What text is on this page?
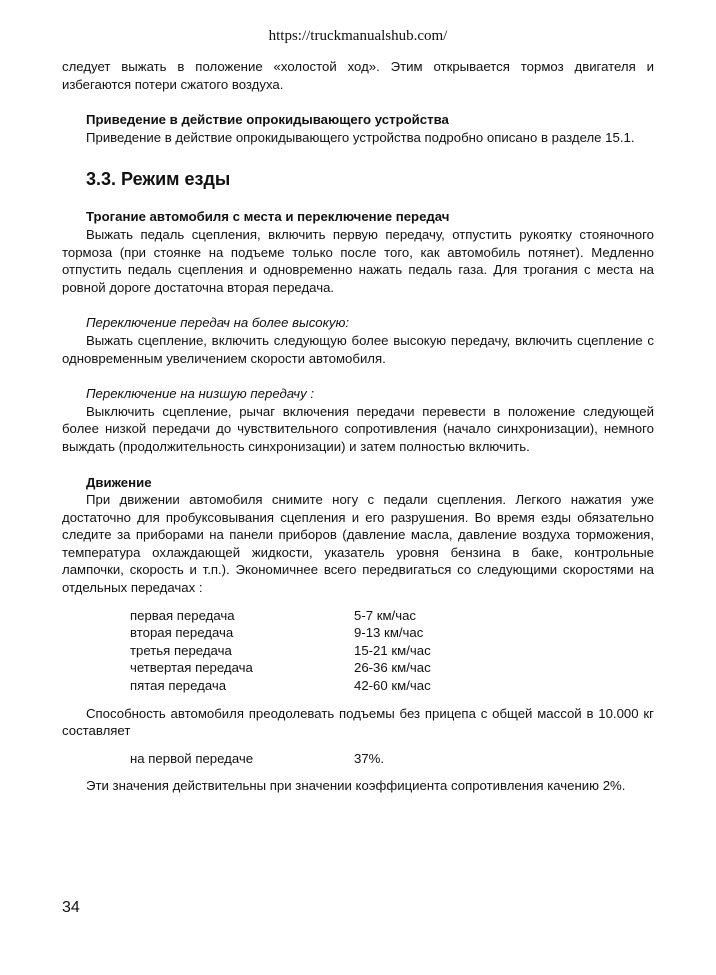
https://truckmanualshub.com/

следует выжать в положение «холостой ход». Этим открывается тормоз двигателя и избегаются потери сжатого воздуха.

Приведение в действие опрокидывающего устройства

Приведение в действие опрокидывающего устройства подробно описано в разделе 15.1.

3.3. Режим езды

Трогание автомобиля с места и переключение передач

Выжать педаль сцепления, включить первую передачу, отпустить рукоятку стояночного тормоза (при стоянке на подъеме только после того, как автомобиль потянет). Медленно отпустить педаль сцепления и одновременно нажать педаль газа. Для трогания с места на ровной дороге достаточна вторая передача.

Переключение передач на более высокую:

Выжать сцепление, включить следующую более высокую передачу, включить сцепление с одновременным увеличением скорости автомобиля.

Переключение на низшую передачу :

Выключить сцепление, рычаг включения передачи перевести в положение следующей более низкой передачи до чувствительного сопротивления (начало синхронизации), немного выждать (продолжительность синхронизации) и затем полностью включить.

Движение

При движении автомобиля снимите ногу с педали сцепления. Легкого нажатия уже достаточно для пробуксовывания сцепления и его разрушения. Во время езды обязательно следите за приборами на панели приборов (давление масла, давление воздуха торможения, температура охлаждающей жидкости, указатель уровня бензина в баке, контрольные лампочки, скорость и т.п.). Экономичнее всего передвигаться со следующими скоростями на отдельных передачах :

первая передача	5-7 км/час
вторая передача	9-13 км/час
третья передача	15-21 км/час
четвертая передача	26-36 км/час
пятая передача	42-60 км/час

Способность автомобиля преодолевать подъемы без прицепа с общей массой в 10.000 кг составляет

на первой передаче	37%.

Эти значения действительны при значении коэффициента сопротивления качению 2%.

34
